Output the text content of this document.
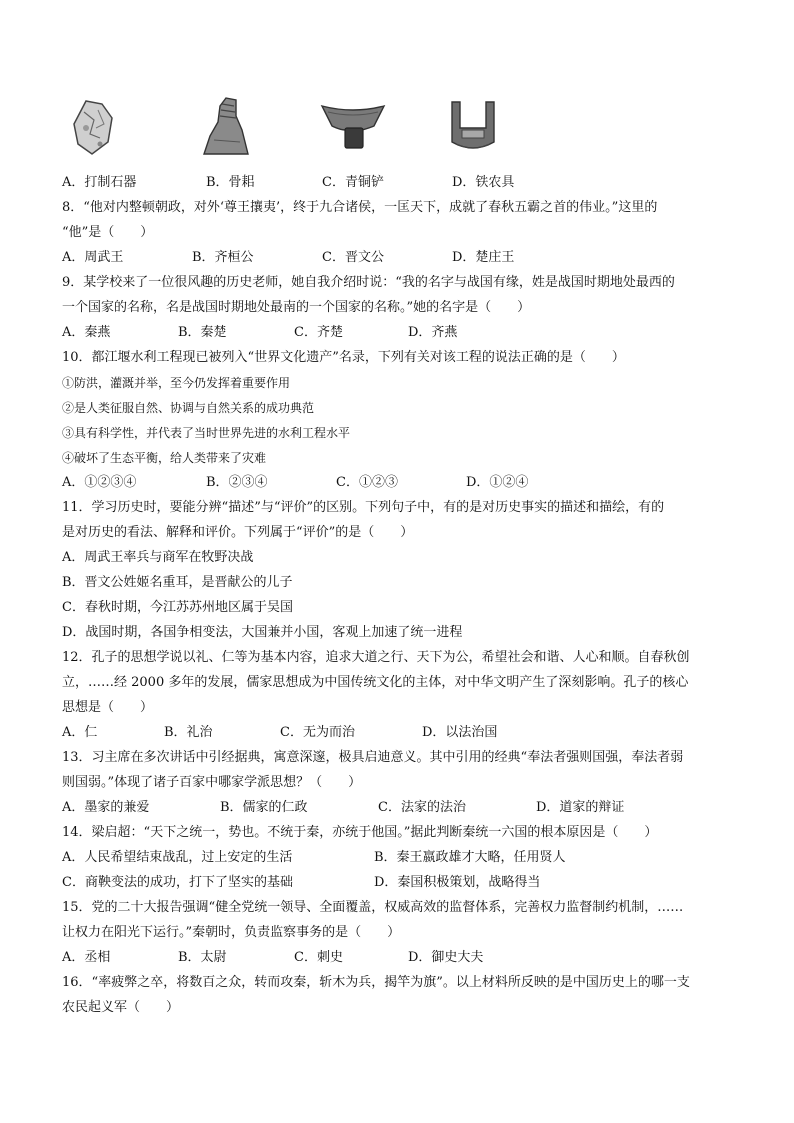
A．打制石器	B．骨耜	C．青铜铲	D．铁农具
8．“他对内整顿朝政，对外‘尊王攘夷’，终于九合诸侯，一匡天下，成就了春秋五霸之首的伟业。”这里的
“他”是（　　）
A．周武王	B．齐桓公	C．晋文公	D．楚庄王
9．某学校来了一位很风趣的历史老师，她自我介绍时说：“我的名字与战国有缘，姓是战国时期地处最西的
一个国家的名称，名是战国时期地处最南的一个国家的名称。”她的名字是（　　）
A．秦燕	B．秦楚	C．齐楚	D．齐燕
10．都江堰水利工程现已被列入“世界文化遗产”名录，下列有关对该工程的说法正确的是（　　）
①防洪，灌溉并举，至今仍发挥着重要作用
②是人类征服自然、协调与自然关系的成功典范
③具有科学性，并代表了当时世界先进的水利工程水平
④破坏了生态平衡，给人类带来了灾难
A．①②③④	B．②③④	C．①②③	D．①②④
11．学习历史时，要能分辨“描述”与“评价”的区别。下列句子中，有的是对历史事实的描述和描绘，有的
是对历史的看法、解释和评价。下列属于“评价”的是（　　）
A．周武王率兵与商军在牧野决战
B．晋文公姓姬名重耳，是晋献公的儿子
C．春秋时期，今江苏苏州地区属于吴国
D．战国时期，各国争相变法，大国兼并小国，客观上加速了统一进程
12．孔子的思想学说以礼、仁等为基本内容，追求大道之行、天下为公，希望社会和谐、人心和顺。自春秋创
立，……经 2000 多年的发展，儒家思想成为中国传统文化的主体，对中华文明产生了深刻影响。孔子的核心
思想是（　　）
A．仁	B．礼治	C．无为而治	D．以法治国
13．习主席在多次讲话中引经据典，寓意深邃，极具启迪意义。其中引用的经典“奉法者强则国强，奉法者弱
则国弱。”体现了诸子百家中哪家学派思想？（　　）
A．墨家的兼爱	B．儒家的仁政	C．法家的法治	D．道家的辩证
14．梁启超：“天下之统一，势也。不统于秦，亦统于他国。”据此判断秦统一六国的根本原因是（　　）
A．人民希望结束战乱，过上安定的生活	B．秦王嬴政雄才大略，任用贤人
C．商鞅变法的成功，打下了坚实的基础	D．秦国积极策划，战略得当
15．党的二十大报告强调“健全党统一领导、全面覆盖，权威高效的监督体系，完善权力监督制约机制，……
让权力在阳光下运行。”秦朝时，负责监察事务的是（　　）
A．丞相	B．太尉	C．刺史	D．御史大夫
16．“率疲弊之卒，将数百之众，转而攻秦，斩木为兵，揭竿为旗”。以上材料所反映的是中国历史上的哪一支
农民起义军（　　）
